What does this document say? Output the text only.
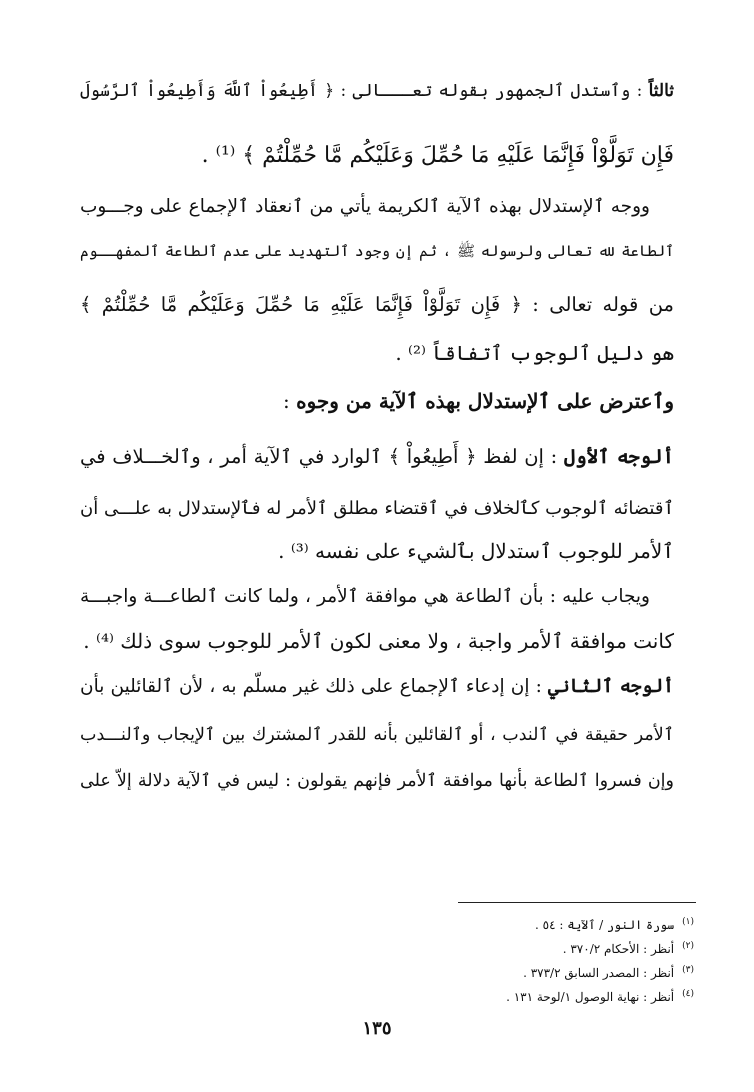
ثالثاً : وٱستدل ٱلجمهور بقوله تعـــالى : ﴿ أَطِيعُواْ ٱللَّهَ وَأَطِيعُواْ ٱلرَّسُولَ
فَإِن تَوَلَّوْاْ فَإِنَّمَا عَلَيْهِ مَا حُمِّلَ وَعَلَيْكُم مَّا حُمِّلْتُمْ ﴾ ⁽¹⁾ .
ووجه ٱلإستدلال بهذه ٱلآية ٱلكريمة يأتي من ٱنعقاد ٱلإجماع على وجـــوب
ٱلطاعة لله تعالى ولرسوله ﷺ ، ثم إن وجود ٱلتهديد على عدم ٱلطاعة ٱلمفهــوم
من قوله تعالى : ﴿ فَإِن تَوَلَّوْاْ فَإِنَّمَا عَلَيْهِ مَا حُمِّلَ وَعَلَيْكُم مَّا حُمِّلْتُمْ ﴾
هو دليل ٱلوجوب ٱتفاقاً ⁽²⁾ .
وٱعترض على ٱلإستدلال بهذه ٱلآية من وجوه :
ألوجه ٱلأول : إن لفظ ﴿ أَطِيعُواْ ﴾ ٱلوارد في ٱلآية أمر ، وٱلخـــلاف في
ٱقتضائه ٱلوجوب كٱلخلاف في ٱقتضاء مطلق ٱلأمر له فٱلإستدلال به علـــى أن
ٱلأمر للوجوب ٱستدلال بٱلشيء على نفسه ⁽³⁾ .
ويجاب عليه : بأن ٱلطاعة هي موافقة ٱلأمر ، ولما كانت ٱلطاعـــة واجبـــة
كانت موافقة ٱلأمر واجبة ، ولا معنى لكون ٱلأمر للوجوب سوى ذلك ⁽⁴⁾ .
ألوجه ٱلثاني : إن إدعاء ٱلإجماع على ذلك غير مسلّم به ، لأن ٱلقائلين بأن
ٱلأمر حقيقة في ٱلندب ، أو ٱلقائلين بأنه للقدر ٱلمشترك بين ٱلإيجاب وٱلنـــدب
وإن فسروا ٱلطاعة بأنها موافقة ٱلأمر فإنهم يقولون : ليس في ٱلآية دلالة إلاّ على
$^{(١)}$سورة النور / ٱلآية : ٥٤ .
$^{(٢)}$أنظر : الأحكام ٣٧٠/٢ .
$^{(٣)}$أنظر : المصدر السابق ٣٧٣/٢ .
$^{(٤)}$أنظر : نهاية الوصول ١/لوحة ١٣١ .
١٣٥
